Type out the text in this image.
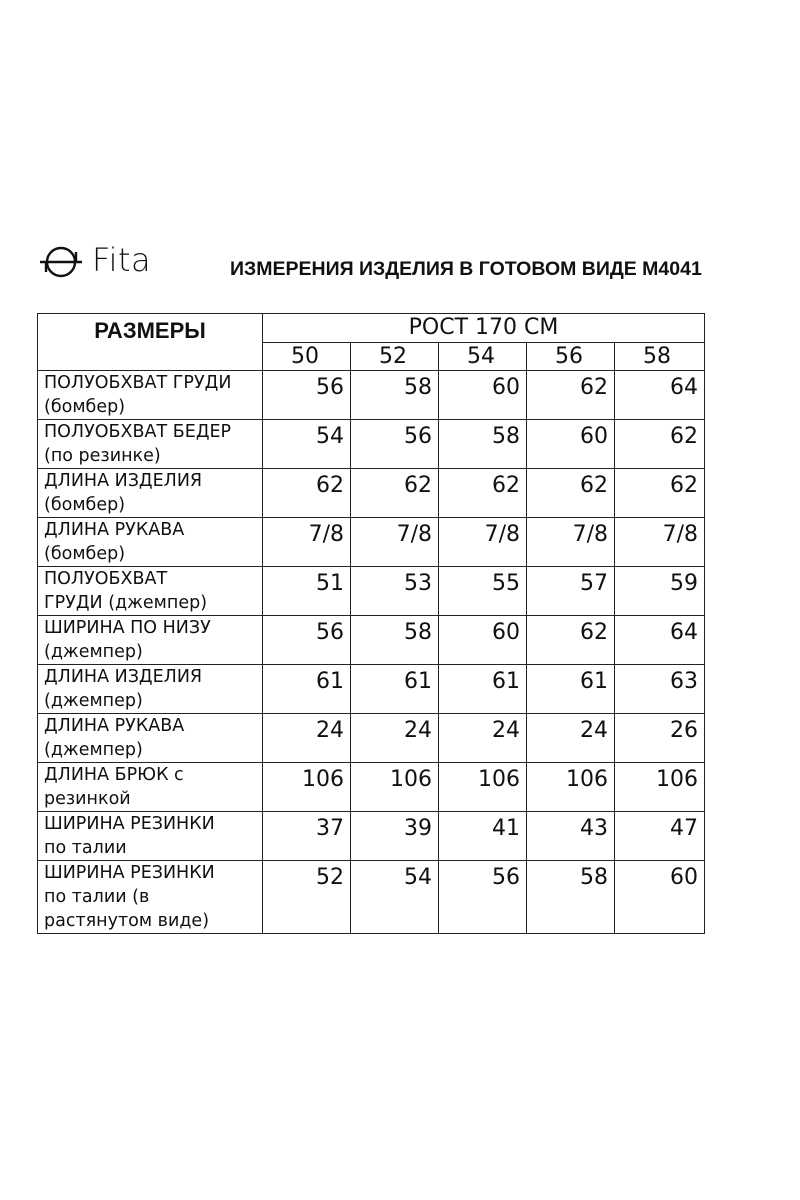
Fita	ИЗМЕРЕНИЯ ИЗДЕЛИЯ В ГОТОВОМ ВИДЕ М4041
РАЗМЕРЫ	РОСТ 170 СМ				
	50	52	54	56	58

ПОЛУОБХВАТ ГРУДИ
(бомбер)	56	58	60	62	64

ПОЛУОБХВАТ БЕДЕР
(по резинке)	54	56	58	60	62

ДЛИНА ИЗДЕЛИЯ
(бомбер)	62	62	62	62	62

ДЛИНА РУКАВА
(бомбер)	7/8	7/8	7/8	7/8	7/8

ПОЛУОБХВАТ
ГРУДИ (джемпер)	51	53	55	57	59

ШИРИНА ПО НИЗУ
(джемпер)	56	58	60	62	64

ДЛИНА ИЗДЕЛИЯ
(джемпер)	61	61	61	61	63

ДЛИНА РУКАВА
(джемпер)	24	24	24	24	26

ДЛИНА БРЮК с
резинкой	106	106	106	106	106

ШИРИНА РЕЗИНКИ
по талии	37	39	41	43	47

ШИРИНА РЕЗИНКИ
по талии (в
растянутом виде)	52	54	56	58	60
